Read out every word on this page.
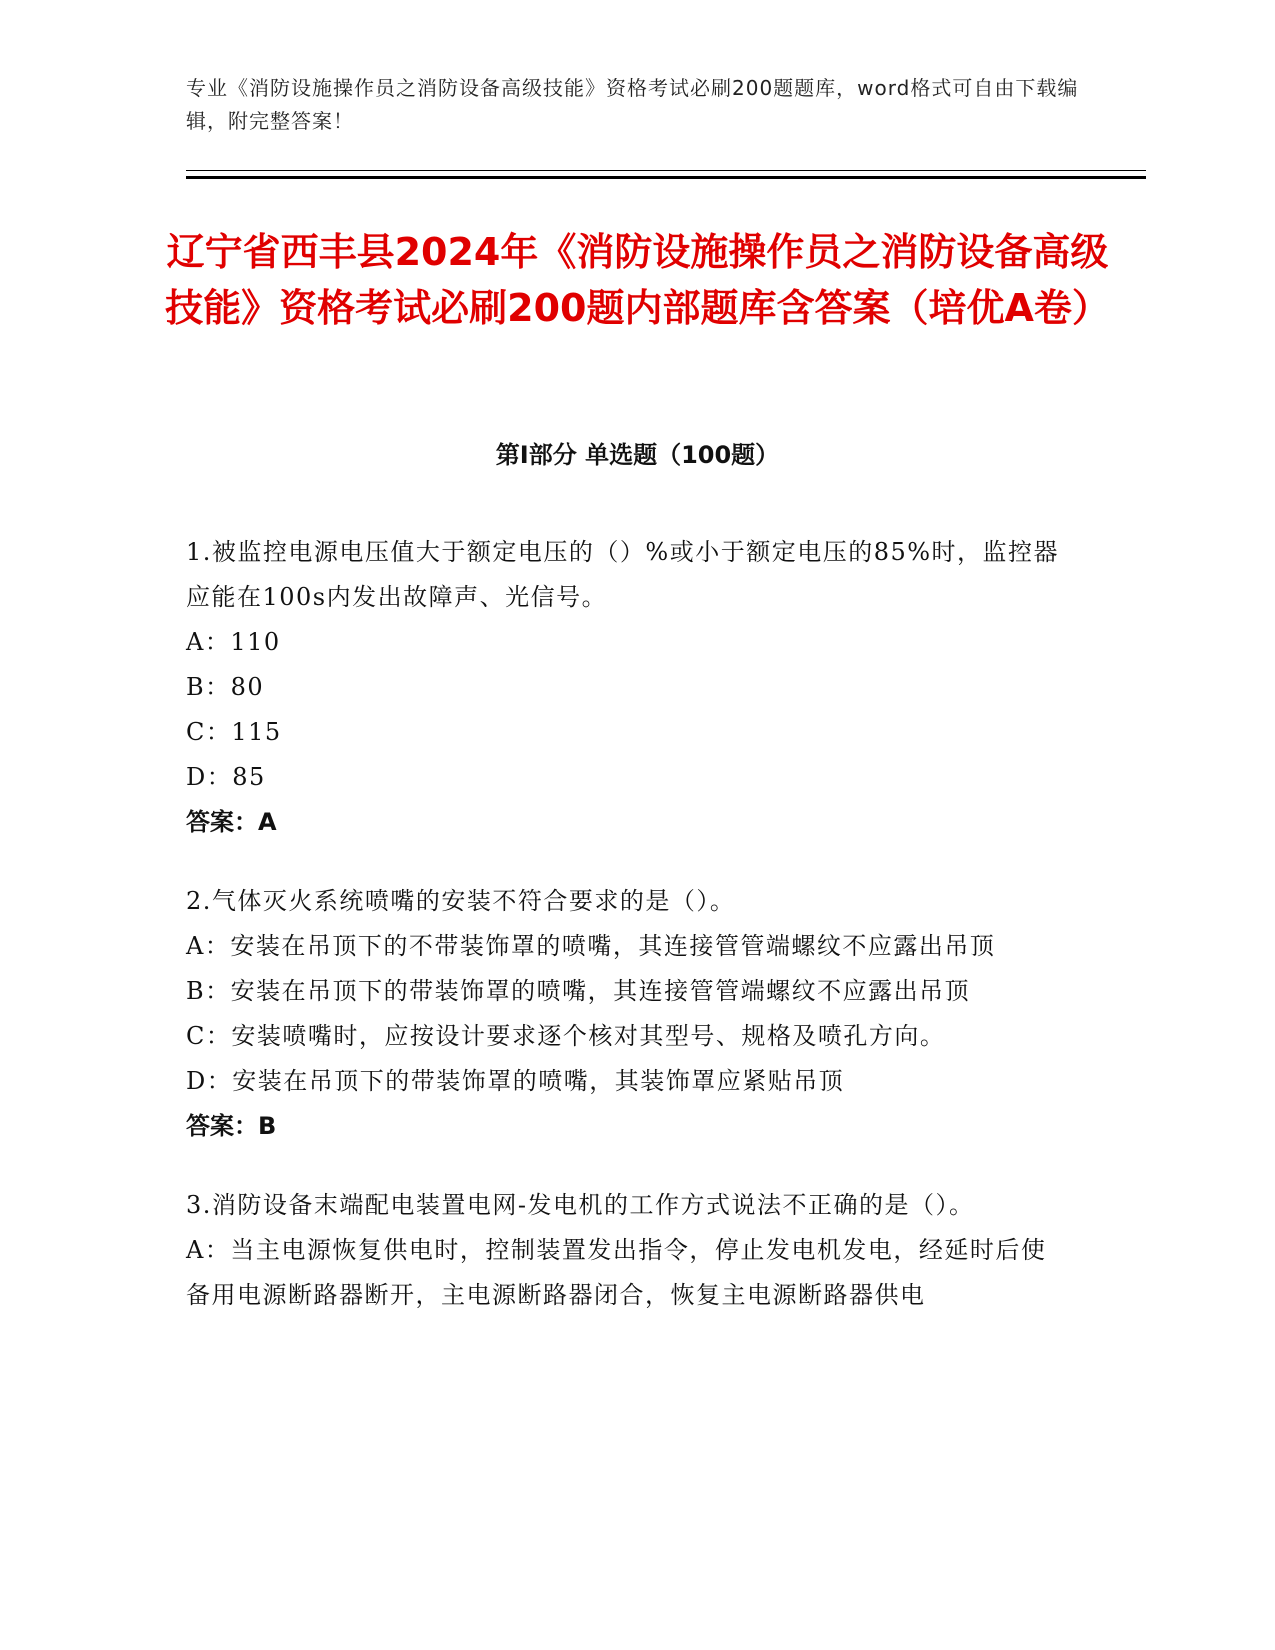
专业《消防设施操作员之消防设备高级技能》资格考试必刷200题题库，word格式可自由下载编辑，附完整答案！
辽宁省西丰县2024年《消防设施操作员之消防设备高级技能》资格考试必刷200题内部题库含答案（培优A卷）
第I部分 单选题（100题）
1.被监控电源电压值大于额定电压的（）%或小于额定电压的85%时，监控器应能在100s内发出故障声、光信号。
A：110
B：80
C：115
D：85
答案：A
2.气体灭火系统喷嘴的安装不符合要求的是（）。
A：安装在吊顶下的不带装饰罩的喷嘴，其连接管管端螺纹不应露出吊顶
B：安装在吊顶下的带装饰罩的喷嘴，其连接管管端螺纹不应露出吊顶
C：安装喷嘴时，应按设计要求逐个核对其型号、规格及喷孔方向。
D：安装在吊顶下的带装饰罩的喷嘴，其装饰罩应紧贴吊顶
答案：B
3.消防设备末端配电装置电网-发电机的工作方式说法不正确的是（）。
A：当主电源恢复供电时，控制装置发出指令，停止发电机发电，经延时后使备用电源断路器断开，主电源断路器闭合，恢复主电源断路器供电
